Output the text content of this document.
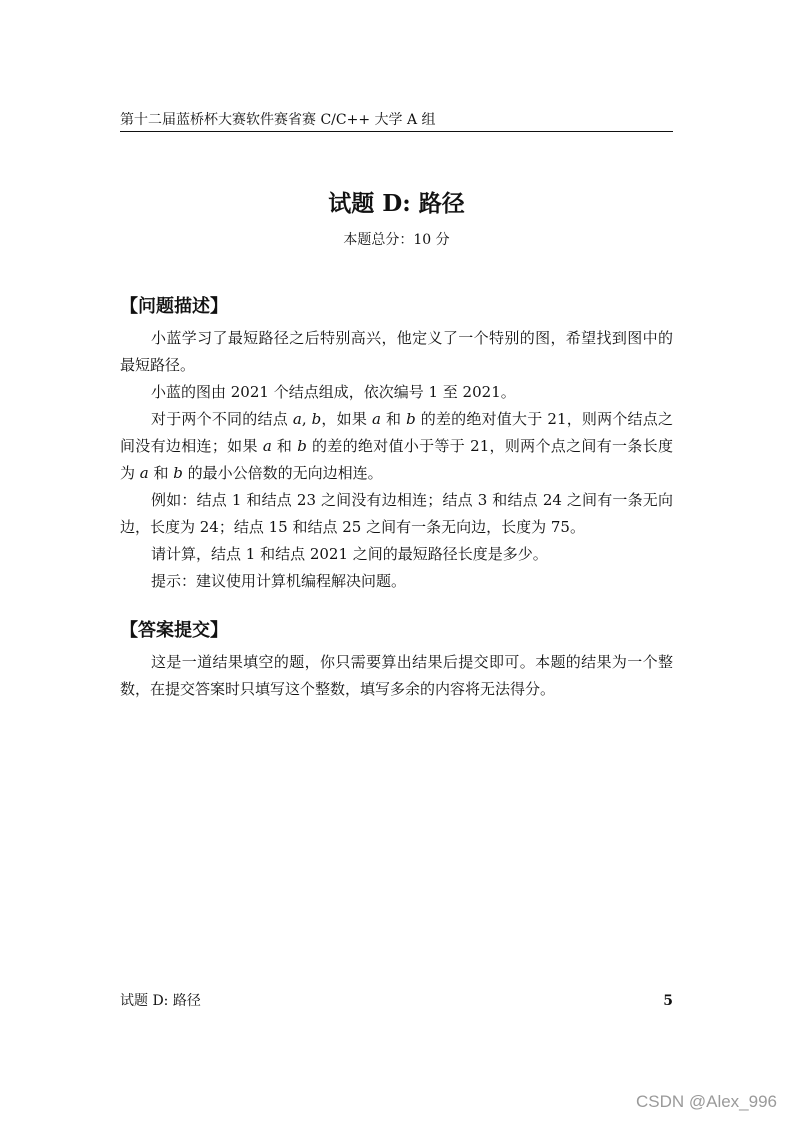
第十二届蓝桥杯大赛软件赛省赛 C/C++ 大学 A 组
试题 D: 路径
本题总分：10 分
【问题描述】

小蓝学习了最短路径之后特别高兴，他定义了一个特别的图，希望找到图中的最短路径。

小蓝的图由 2021 个结点组成，依次编号 1 至 2021。

对于两个不同的结点 a, b，如果 a 和 b 的差的绝对值大于 21，则两个结点之间没有边相连；如果 a 和 b 的差的绝对值小于等于 21，则两个点之间有一条长度为 a 和 b 的最小公倍数的无向边相连。

例如：结点 1 和结点 23 之间没有边相连；结点 3 和结点 24 之间有一条无向边，长度为 24；结点 15 和结点 25 之间有一条无向边，长度为 75。

请计算，结点 1 和结点 2021 之间的最短路径长度是多少。

提示：建议使用计算机编程解决问题。

【答案提交】

这是一道结果填空的题，你只需要算出结果后提交即可。本题的结果为一个整数，在提交答案时只填写这个整数，填写多余的内容将无法得分。

试题 D: 路径	5
CSDN @Alex_996
